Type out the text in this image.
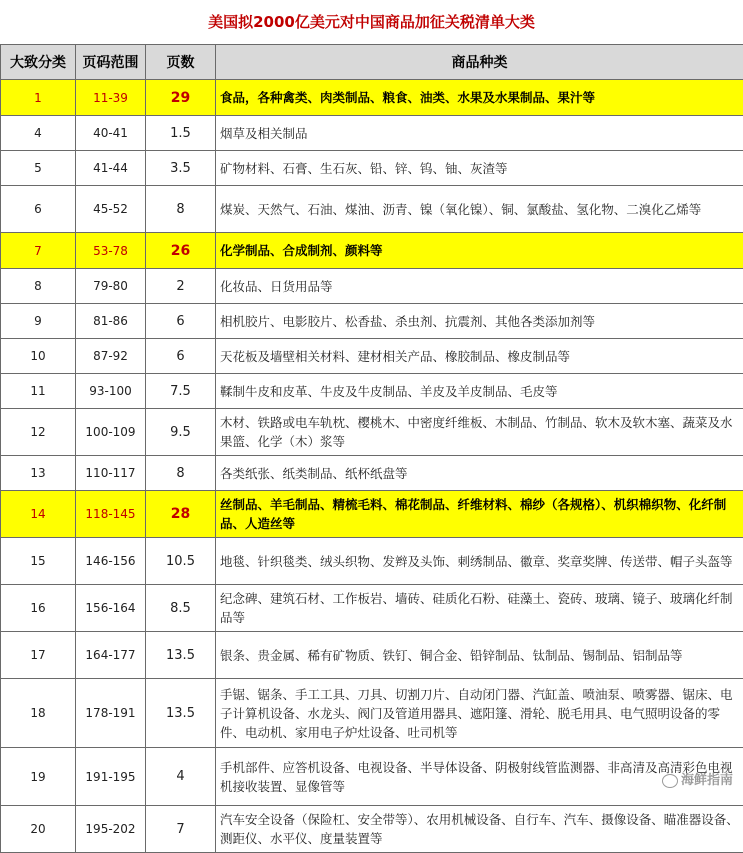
美国拟2000亿美元对中国商品加征关税清单大类
大致分类	页码范围	页数	商品种类
1	11-39	29	食品，各种禽类、肉类制品、粮食、油类、水果及水果制品、果汁等
4	40-41	1.5	烟草及相关制品
5	41-44	3.5	矿物材料、石膏、生石灰、铅、锌、钨、铀、灰渣等
6	45-52	8	煤炭、天然气、石油、煤油、沥青、镍（氧化镍）、铜、氯酸盐、氢化物、二溴化乙烯等
7	53-78	26	化学制品、合成制剂、颜料等
8	79-80	2	化妆品、日货用品等
9	81-86	6	相机胶片、电影胶片、松香盐、杀虫剂、抗震剂、其他各类添加剂等
10	87-92	6	天花板及墙壁相关材料、建材相关产品、橡胶制品、橡皮制品等
11	93-100	7.5	鞣制牛皮和皮革、牛皮及牛皮制品、羊皮及羊皮制品、毛皮等
12	100-109	9.5	木材、铁路或电车轨枕、樱桃木、中密度纤维板、木制品、竹制品、软木及软木塞、蔬菜及水果篮、化学（木）浆等
13	110-117	8	各类纸张、纸类制品、纸杯纸盘等
14	118-145	28	丝制品、羊毛制品、精梳毛料、棉花制品、纤维材料、棉纱（各规格）、机织棉织物、化纤制品、人造丝等
15	146-156	10.5	地毯、针织毯类、绒头织物、发辫及头饰、刺绣制品、徽章、奖章奖牌、传送带、帽子头盔等
16	156-164	8.5	纪念碑、建筑石材、工作板岩、墙砖、硅质化石粉、硅藻土、瓷砖、玻璃、镜子、玻璃化纤制品等
17	164-177	13.5	银条、贵金属、稀有矿物质、铁钉、铜合金、铅锌制品、钛制品、锡制品、铝制品等
18	178-191	13.5	手锯、锯条、手工工具、刀具、切割刀片、自动闭门器、汽缸盖、喷油泵、喷雾器、锯床、电子计算机设备、水龙头、阀门及管道用器具、遮阳篷、滑轮、脱毛用具、电气照明设备的零件、电动机、家用电子炉灶设备、吐司机等
19	191-195	4	手机部件、应答机设备、电视设备、半导体设备、阴极射线管监测器、非高清及高清彩色电视机接收装置、显像管等
20	195-202	7	汽车安全设备（保险杠、安全带等）、农用机械设备、自行车、汽车、摄像设备、瞄准器设备、测距仪、水平仪、度量装置等
海鲜指南
